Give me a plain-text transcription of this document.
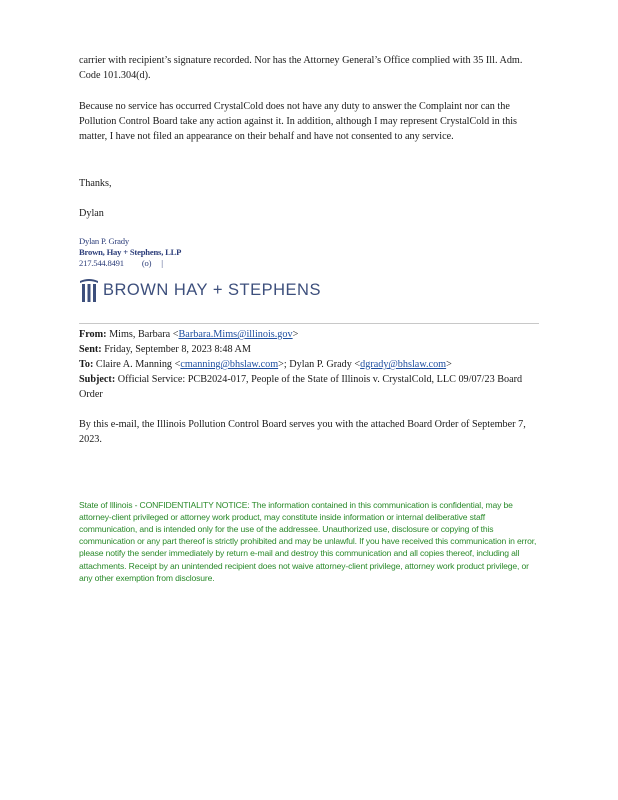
carrier with recipient’s signature recorded. Nor has the Attorney General’s Office complied with 35 Ill. Adm. Code 101.304(d).

Because no service has occurred CrystalCold does not have any duty to answer the Complaint nor can the Pollution Control Board take any action against it. In addition, although I may represent CrystalCold in this matter, I have not filed an appearance on their behalf and have not consented to any service.

Thanks,

Dylan

Dylan P. Grady
Brown, Hay + Stephens, LLP
217.544.8491 (o) |
BROWN HAY + STEPHENS
From: Mims, Barbara <Barbara.Mims@illinois.gov>
Sent: Friday, September 8, 2023 8:48 AM
To: Claire A. Manning <cmanning@bhslaw.com>; Dylan P. Grady <dgrady@bhslaw.com>
Subject: Official Service: PCB2024-017, People of the State of Illinois v. CrystalCold, LLC 09/07/23 Board Order

By this e-mail, the Illinois Pollution Control Board serves you with the attached Board Order of September 7, 2023.

State of Illinois - CONFIDENTIALITY NOTICE: The information contained in this communication is confidential, may be attorney-client privileged or attorney work product, may constitute inside information or internal deliberative staff communication, and is intended only for the use of the addressee. Unauthorized use, disclosure or copying of this communication or any part thereof is strictly prohibited and may be unlawful. If you have received this communication in error, please notify the sender immediately by return e-mail and destroy this communication and all copies thereof, including all attachments. Receipt by an unintended recipient does not waive attorney-client privilege, attorney work product privilege, or any other exemption from disclosure.
